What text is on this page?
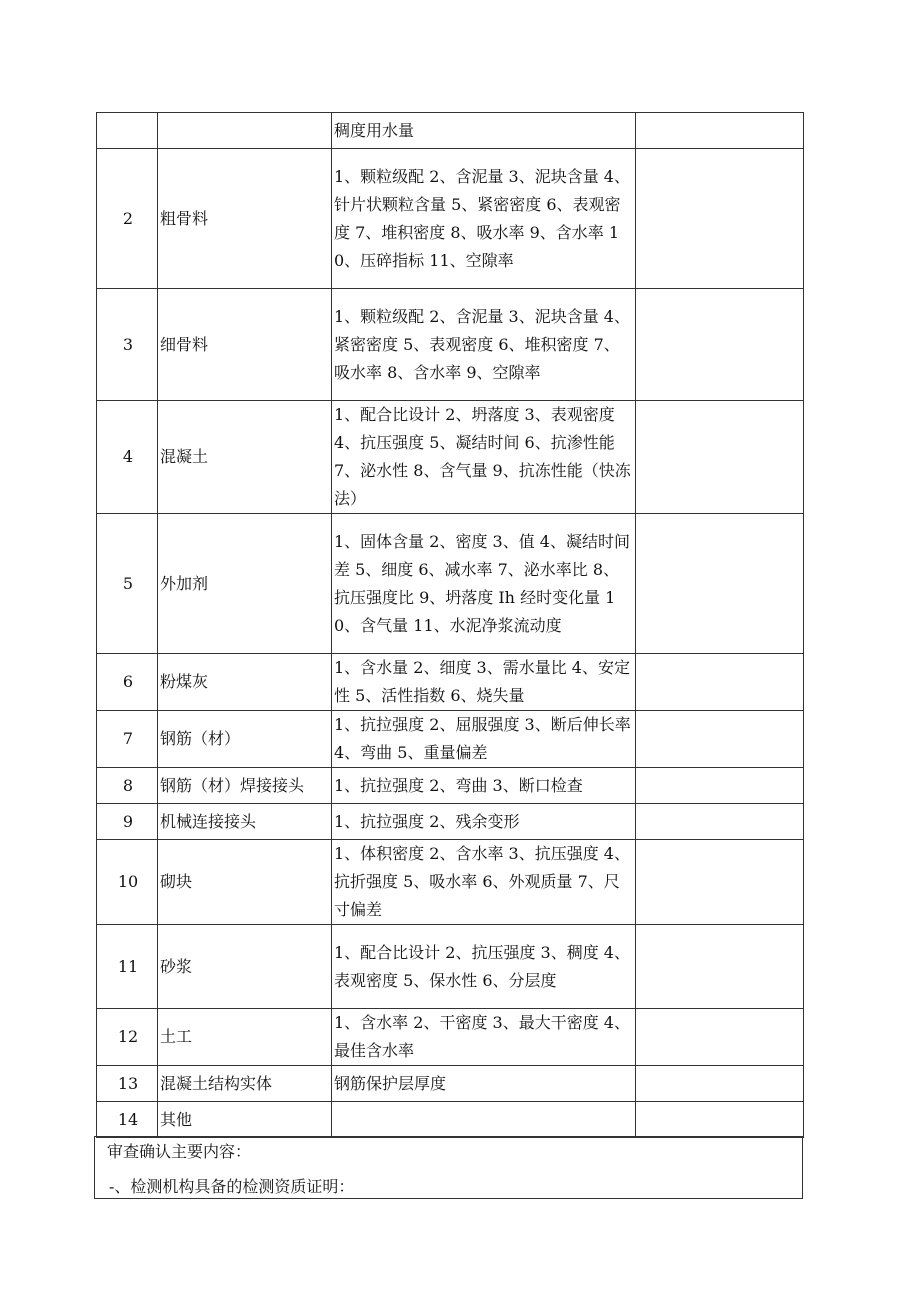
		稠度用水量	
2	粗骨料	1、颗粒级配 2、含泥量 3、泥块含量 4、针片状颗粒含量 5、紧密密度 6、表观密度 7、堆积密度 8、吸水率 9、含水率 10、压碎指标 11、空隙率	
3	细骨料	1、颗粒级配 2、含泥量 3、泥块含量 4、紧密密度 5、表观密度 6、堆积密度 7、吸水率 8、含水率 9、空隙率	
4	混凝土	1、配合比设计 2、坍落度 3、表观密度 4、抗压强度 5、凝结时间 6、抗渗性能 7、泌水性 8、含气量 9、抗冻性能（快冻法）	
5	外加剂	1、固体含量 2、密度 3、值 4、凝结时间差 5、细度 6、减水率 7、泌水率比 8、抗压强度比 9、坍落度 Ih 经时变化量 10、含气量 11、水泥净浆流动度	
6	粉煤灰	1、含水量 2、细度 3、需水量比 4、安定性 5、活性指数 6、烧失量	
7	钢筋（材）	1、抗拉强度 2、屈服强度 3、断后伸长率 4、弯曲 5、重量偏差	
8	钢筋（材）焊接接头	1、抗拉强度 2、弯曲 3、断口检查	
9	机械连接接头	1、抗拉强度 2、残余变形	
10	砌块	1、体积密度 2、含水率 3、抗压强度 4、抗折强度 5、吸水率 6、外观质量 7、尺寸偏差	
11	砂浆	1、配合比设计 2、抗压强度 3、稠度 4、表观密度 5、保水性 6、分层度	
12	土工	1、含水率 2、干密度 3、最大干密度 4、最佳含水率	
13	混凝土结构实体	钢筋保护层厚度	
14	其他		
审查确认主要内容：
-、检测机构具备的检测资质证明：
